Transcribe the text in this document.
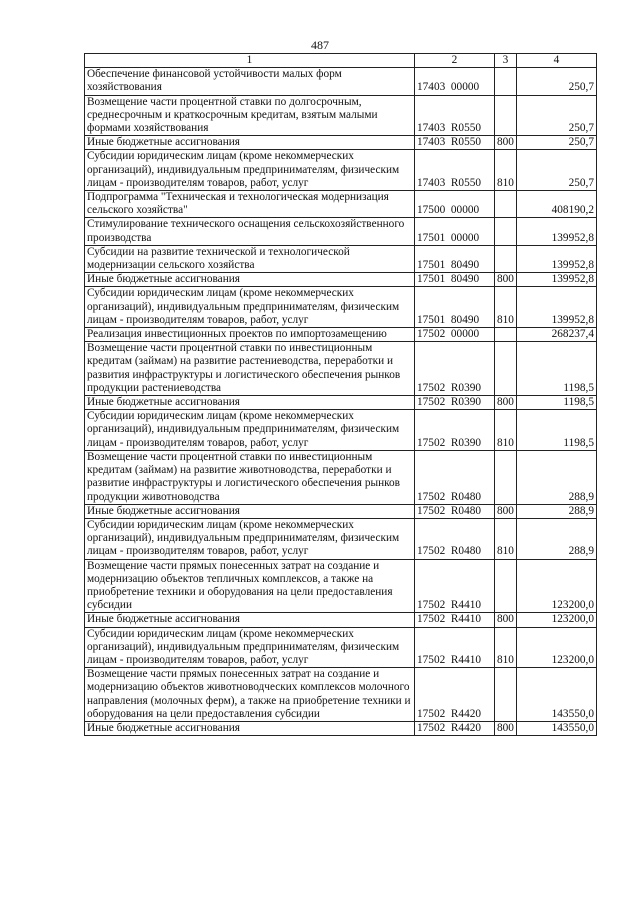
487
1	2	3	4
Обеспечение финансовой устойчивости малых форм хозяйствования	17403  00000		250,7
Возмещение части процентной ставки по долгосрочным, среднесрочным и краткосрочным кредитам, взятым малыми формами хозяйствования	17403  R0550		250,7
Иные бюджетные ассигнования	17403  R0550	800	250,7
Субсидии юридическим лицам (кроме некоммерческих организаций), индивидуальным предпринимателям, физическим лицам - производителям товаров, работ, услуг	17403  R0550	810	250,7
Подпрограмма "Техническая и технологическая модернизация сельского хозяйства"	17500  00000		408190,2
Стимулирование технического оснащения сельскохозяйственного производства	17501  00000		139952,8
Субсидии на развитие технической и технологической модернизации сельского хозяйства	17501  80490		139952,8
Иные бюджетные ассигнования	17501  80490	800	139952,8
Субсидии юридическим лицам (кроме некоммерческих организаций), индивидуальным предпринимателям, физическим лицам - производителям товаров, работ, услуг	17501  80490	810	139952,8
Реализация инвестиционных проектов по импортозамещению	17502  00000		268237,4
Возмещение части процентной ставки по инвестиционным кредитам (займам) на развитие растениеводства, переработки и развития инфраструктуры и логистического обеспечения рынков продукции растениеводства	17502  R0390		1198,5
Иные бюджетные ассигнования	17502  R0390	800	1198,5
Субсидии юридическим лицам (кроме некоммерческих организаций), индивидуальным предпринимателям, физическим лицам - производителям товаров, работ, услуг	17502  R0390	810	1198,5
Возмещение части процентной ставки по инвестиционным кредитам (займам) на развитие животноводства, переработки и развитие инфраструктуры и логистического обеспечения рынков продукции животноводства	17502  R0480		288,9
Иные бюджетные ассигнования	17502  R0480	800	288,9
Субсидии юридическим лицам (кроме некоммерческих организаций), индивидуальным предпринимателям, физическим лицам - производителям товаров, работ, услуг	17502  R0480	810	288,9
Возмещение части прямых понесенных затрат на создание и модернизацию объектов тепличных комплексов, а также на приобретение техники и оборудования на цели предоставления субсидии	17502  R4410		123200,0
Иные бюджетные ассигнования	17502  R4410	800	123200,0
Субсидии юридическим лицам (кроме некоммерческих организаций), индивидуальным предпринимателям, физическим лицам - производителям товаров, работ, услуг	17502  R4410	810	123200,0
Возмещение части прямых понесенных затрат на создание и модернизацию объектов животноводческих комплексов молочного направления (молочных ферм), а также на приобретение техники и оборудования на цели предоставления субсидии	17502  R4420		143550,0
Иные бюджетные ассигнования	17502  R4420	800	143550,0
